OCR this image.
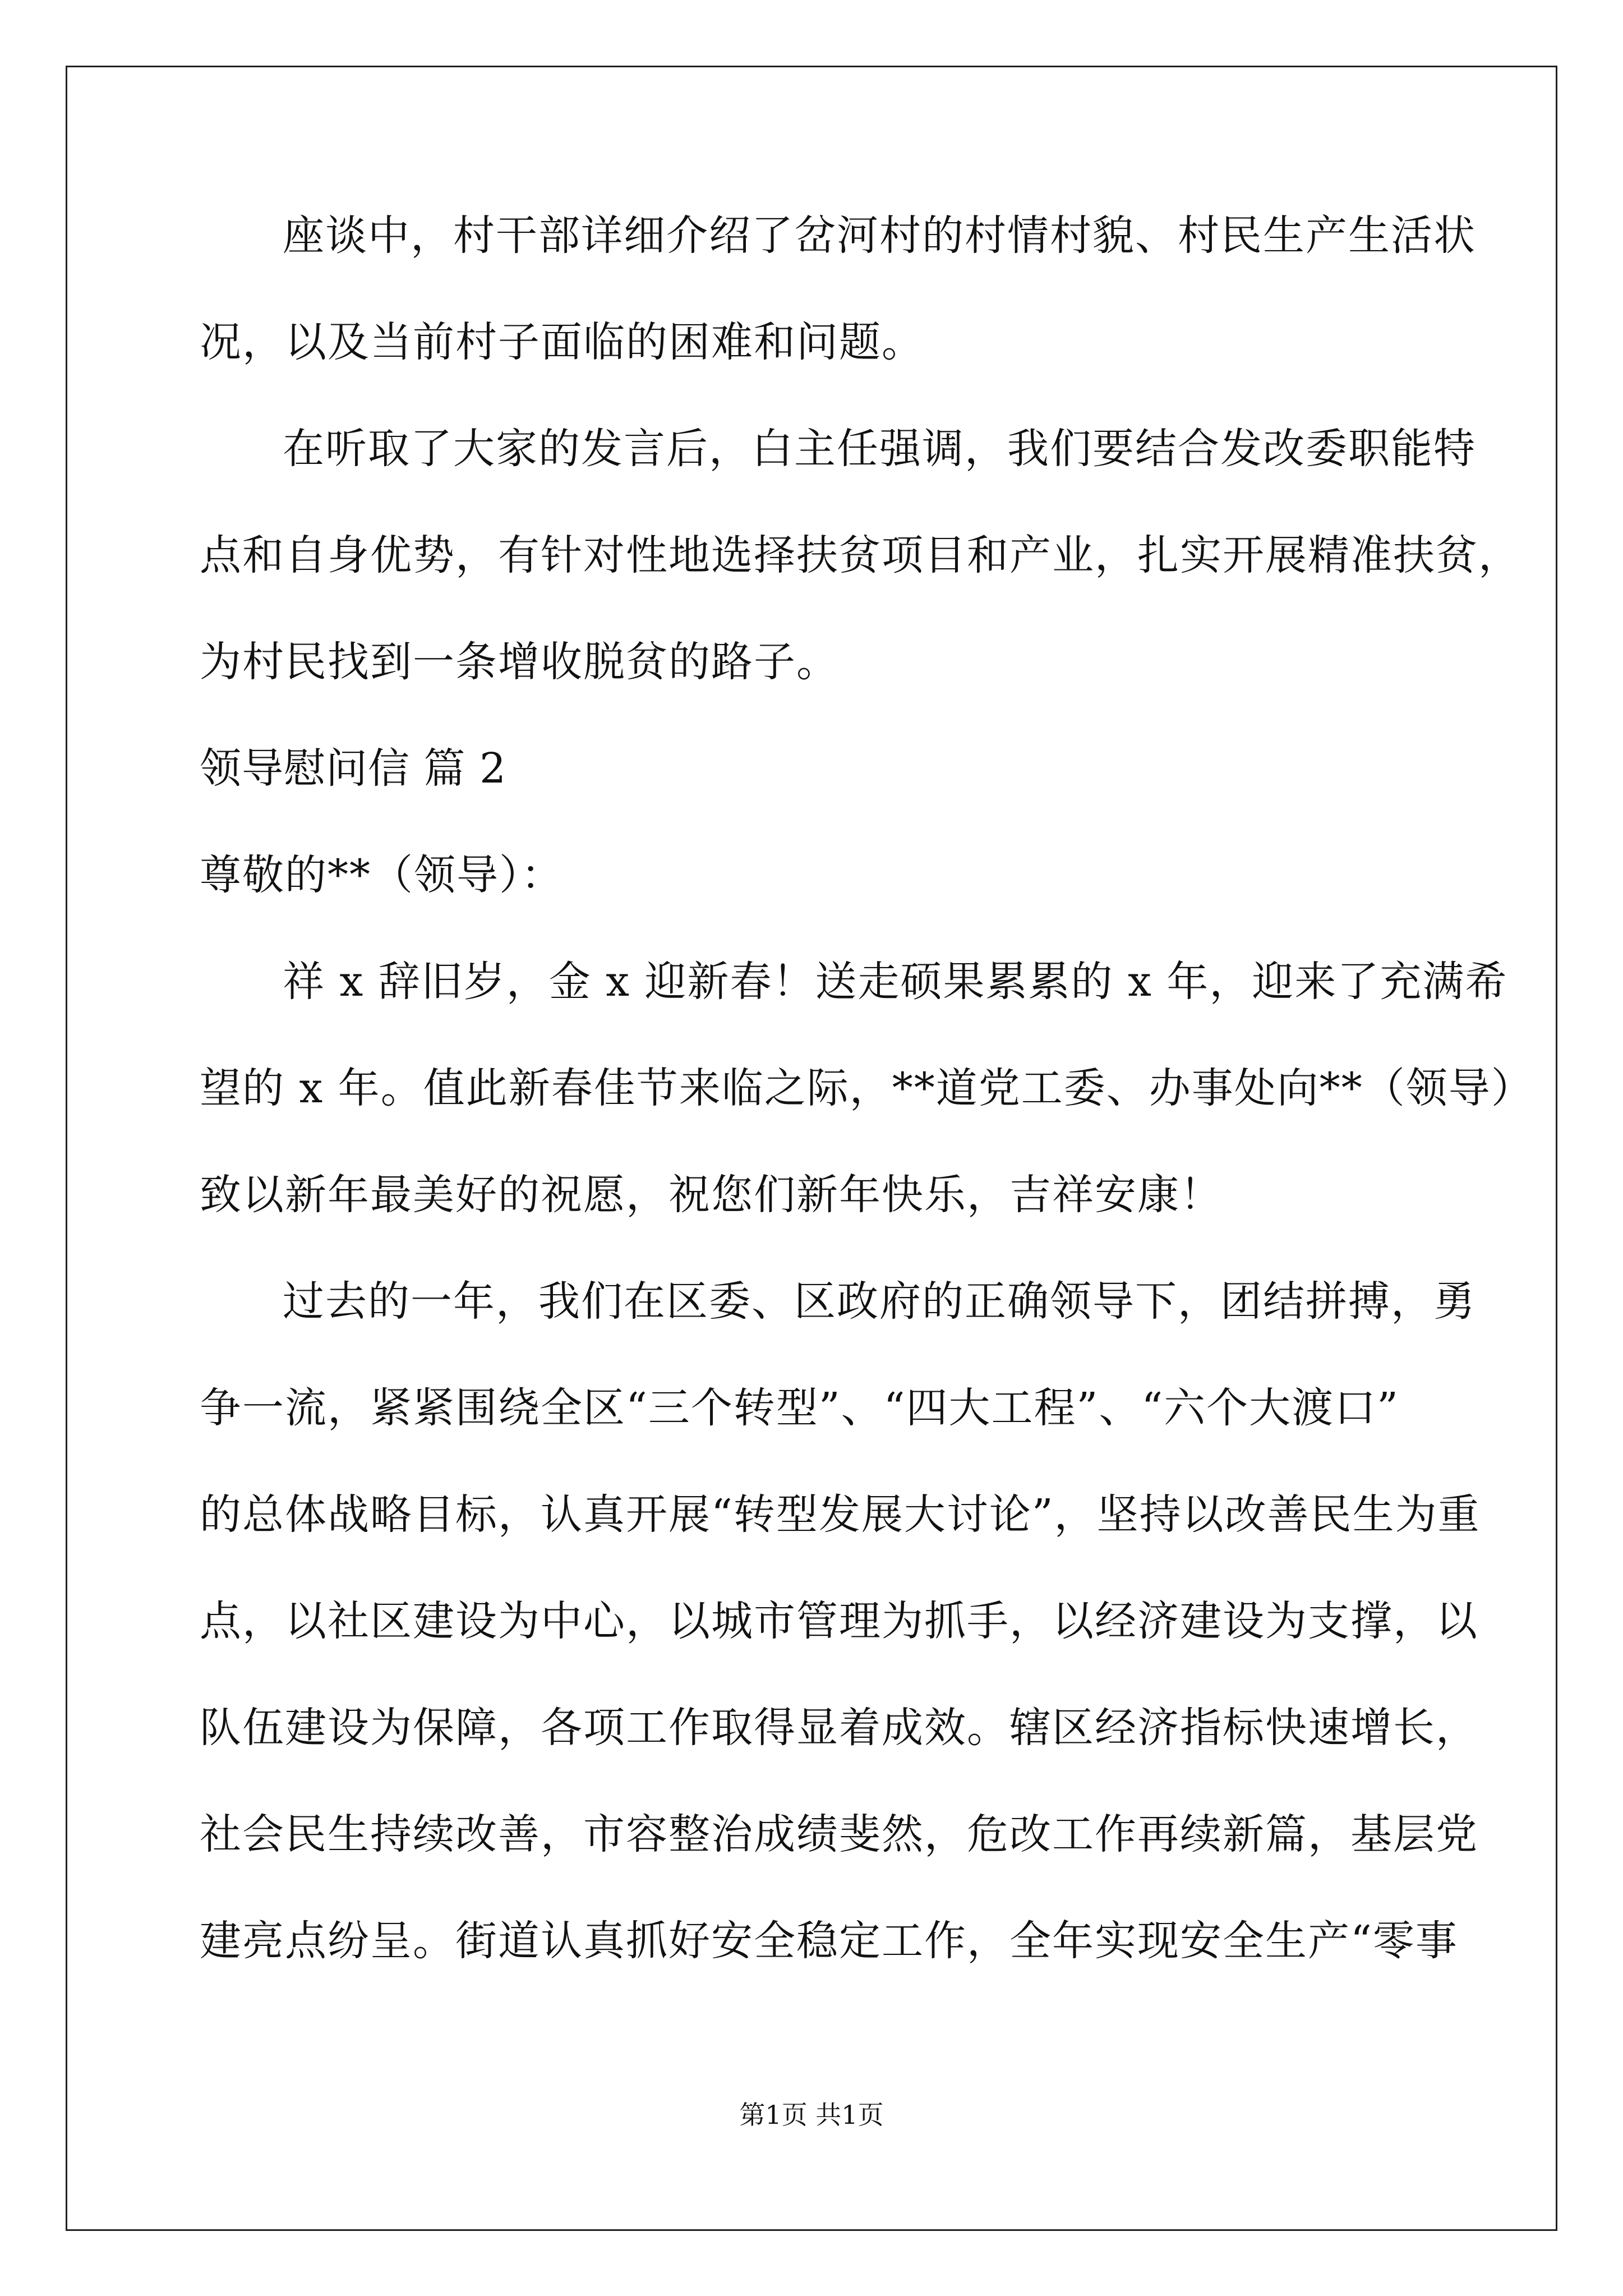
座谈中，村干部详细介绍了岔河村的村情村貌、村民生产生活状
况，以及当前村子面临的困难和问题。
在听取了大家的发言后，白主任强调，我们要结合发改委职能特
点和自身优势，有针对性地选择扶贫项目和产业，扎实开展精准扶贫，
为村民找到一条增收脱贫的路子。
领导慰问信 篇 2
尊敬的**（领导）：
祥 x 辞旧岁，金 x 迎新春！送走硕果累累的 x 年，迎来了充满希
望的 x 年。值此新春佳节来临之际，**道党工委、办事处向**（领导）
致以新年最美好的祝愿，祝您们新年快乐，吉祥安康！
过去的一年，我们在区委、区政府的正确领导下，团结拼搏，勇
争一流，紧紧围绕全区“三个转型”、“四大工程”、“六个大渡口”
的总体战略目标，认真开展“转型发展大讨论”，坚持以改善民生为重
点，以社区建设为中心，以城市管理为抓手，以经济建设为支撑，以
队伍建设为保障，各项工作取得显着成效。辖区经济指标快速增长，
社会民生持续改善，市容整治成绩斐然，危改工作再续新篇，基层党
建亮点纷呈。街道认真抓好安全稳定工作，全年实现安全生产“零事
第1页 共1页
